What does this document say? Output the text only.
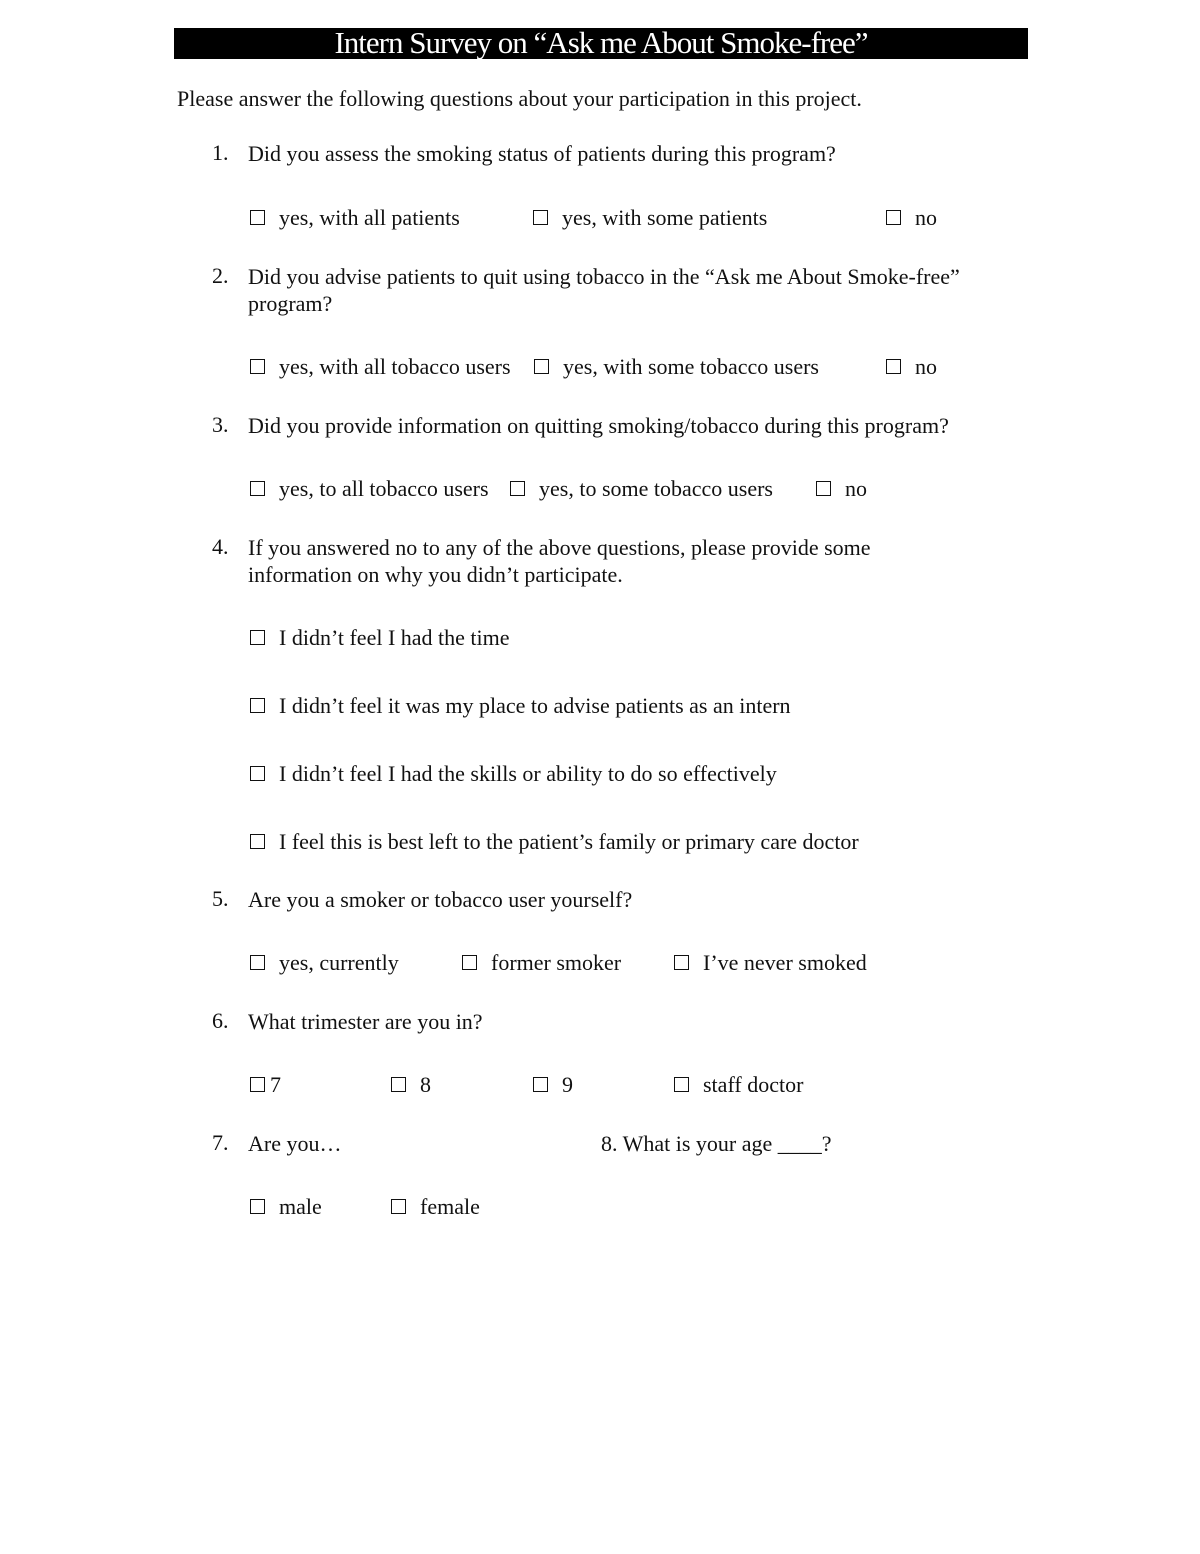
Intern Survey on “Ask me About Smoke-free”
Please answer the following questions about your participation in this project.
1. Did you assess the smoking status of patients during this program?
yes, with all patients	yes, with some patients	no
2. Did you advise patients to quit using tobacco in the “Ask me About Smoke-free”
program?
yes, with all tobacco users	yes, with some tobacco users	no
3. Did you provide information on quitting smoking/tobacco during this program?
yes, to all tobacco users	yes, to some tobacco users	no
4. If you answered no to any of the above questions, please provide some
information on why you didn’t participate.
I didn’t feel I had the time
I didn’t feel it was my place to advise patients as an intern
I didn’t feel I had the skills or ability to do so effectively
I feel this is best left to the patient’s family or primary care doctor
5. Are you a smoker or tobacco user yourself?
yes, currently	former smoker	I’ve never smoked
6. What trimester are you in?
7	8	9	staff doctor
7. Are you…	8. What is your age ____?
male	female
